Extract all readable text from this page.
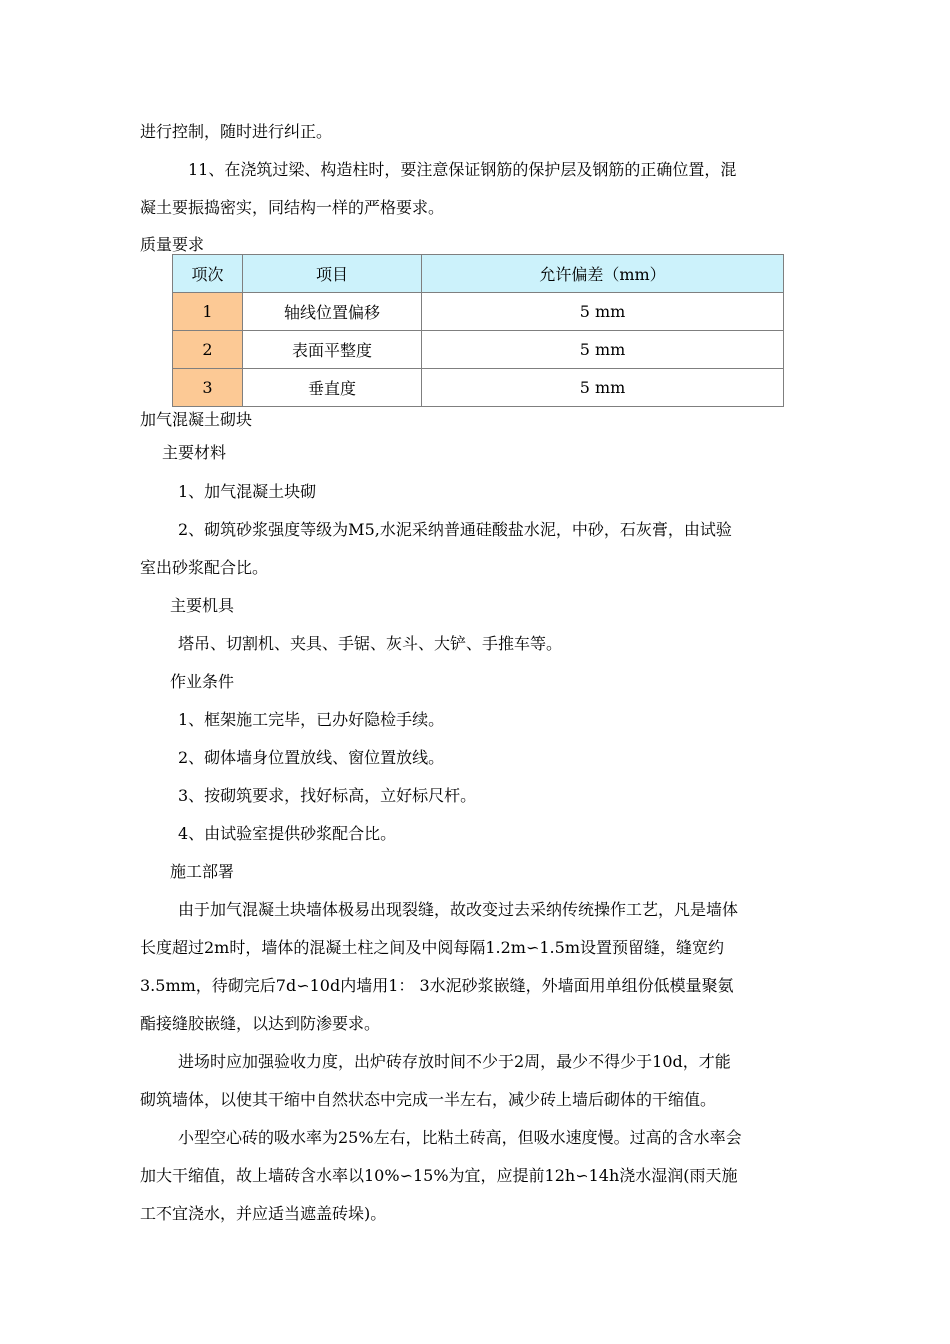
进行控制，随时进行纠正。
11、在浇筑过梁、构造柱时，要注意保证钢筋的保护层及钢筋的正确位置，混
凝土要振捣密实，同结构一样的严格要求。
质量要求
项次	项目	允许偏差（mm）
1	轴线位置偏移	5 mm
2	表面平整度	5 mm
3	垂直度	5 mm
加气混凝土砌块
主要材料
1、加气混凝土块砌
2、砌筑砂浆强度等级为M5,水泥采纳普通硅酸盐水泥，中砂，石灰膏，由试验
室出砂浆配合比。
主要机具
塔吊、切割机、夹具、手锯、灰斗、大铲、手推车等。
作业条件
1、框架施工完毕，已办好隐检手续。
2、砌体墙身位置放线、窗位置放线。
3、按砌筑要求，找好标高，立好标尺杆。
4、由试验室提供砂浆配合比。
施工部署
由于加气混凝土块墙体极易出现裂缝，故改变过去采纳传统操作工艺，凡是墙体
长度超过2m时，墙体的混凝土柱之间及中阅每隔1.2m∽1.5m设置预留缝，缝宽约
3.5mm，待砌完后7d∽10d内墙用1： 3水泥砂浆嵌缝，外墙面用单组份低模量聚氨
酯接缝胶嵌缝，以达到防渗要求。
进场时应加强验收力度，出炉砖存放时间不少于2周，最少不得少于10d，才能
砌筑墙体，以使其干缩中自然状态中完成一半左右，减少砖上墙后砌体的干缩值。
小型空心砖的吸水率为25%左右，比粘土砖高，但吸水速度慢。过高的含水率会
加大干缩值，故上墙砖含水率以10%∽15%为宜，应提前12h∽14h浇水湿润(雨天施
工不宜浇水，并应适当遮盖砖垛)。
